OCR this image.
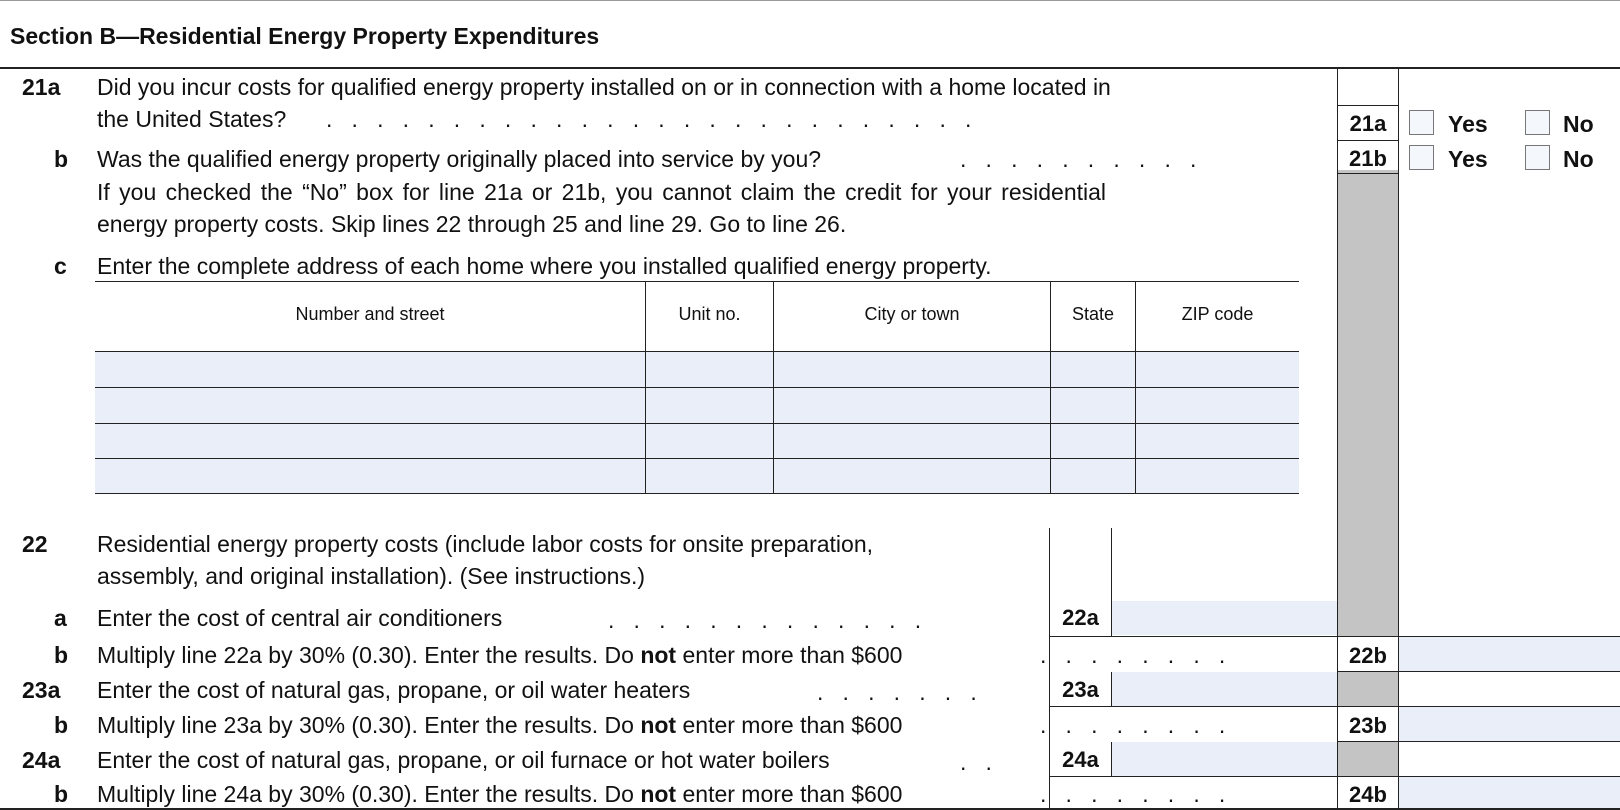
Section B—Residential Energy Property Expenditures
21a Did you incur costs for qualified energy property installed on or in connection with a home located in
the United States? .   .   .   .   .   .   .   .   .   .   .   .   .   .   .   .   .   .   .   .   .   .   .   .   .   .	21a	Yes	No
b Was the qualified energy property originally placed into service by you?	.   .   .   .   .   .   .   .   .   .	21b	Yes	No
If you checked the “No” box for line 21a or 21b, you cannot claim the credit for your residential
energy property costs. Skip lines 22 through 25 and line 29. Go to line 26.
c Enter the complete address of each home where you installed qualified energy property.
Number and street	Unit no.	City or town	State	ZIP code
22 Residential energy property costs (include labor costs for onsite preparation,
assembly, and original installation). (See instructions.)
a Enter the cost of central air conditioners	.   .   .   .   .   .   .   .   .   .   .   .   .	22a
b Multiply line 22a by 30% (0.30). Enter the results. Do not enter more than $600	.   .   .   .   .   .   .   .	22b
23a Enter the cost of natural gas, propane, or oil water heaters	.   .   .   .   .   .   .	23a
b Multiply line 23a by 30% (0.30). Enter the results. Do not enter more than $600	.   .   .   .   .   .   .   .	23b
24a Enter the cost of natural gas, propane, or oil furnace or hot water boilers	.   .	24a
b Multiply line 24a by 30% (0.30). Enter the results. Do not enter more than $600	.   .   .   .   .   .   .   .	24b
